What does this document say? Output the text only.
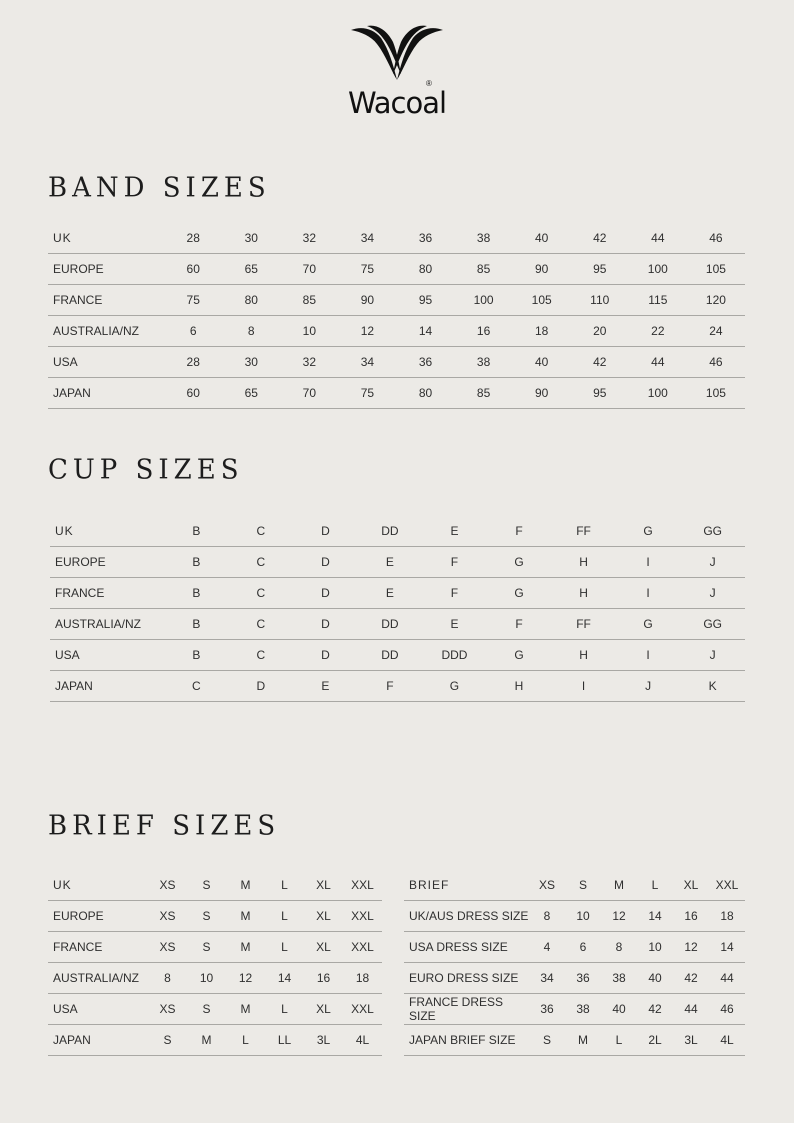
®
Wacoal
BAND SIZES
UK	28	30	32	34	36	38	40	42	44	46
EUROPE	60	65	70	75	80	85	90	95	100	105
FRANCE	75	80	85	90	95	100	105	110	115	120
AUSTRALIA/NZ	6	8	10	12	14	16	18	20	22	24
USA	28	30	32	34	36	38	40	42	44	46
JAPAN	60	65	70	75	80	85	90	95	100	105
CUP SIZES
UK	B	C	D	DD	E	F	FF	G	GG
EUROPE	B	C	D	E	F	G	H	I	J
FRANCE	B	C	D	E	F	G	H	I	J
AUSTRALIA/NZ	B	C	D	DD	E	F	FF	G	GG
USA	B	C	D	DD	DDD	G	H	I	J
JAPAN	C	D	E	F	G	H	I	J	K
BRIEF SIZES
UK	XS	S	M	L	XL	XXL
EUROPE	XS	S	M	L	XL	XXL
FRANCE	XS	S	M	L	XL	XXL
AUSTRALIA/NZ	8	10	12	14	16	18
USA	XS	S	M	L	XL	XXL
JAPAN	S	M	L	LL	3L	4L
BRIEF	XS	S	M	L	XL	XXL
UK/AUS DRESS SIZE	8	10	12	14	16	18
USA DRESS SIZE	4	6	8	10	12	14
EURO DRESS SIZE	34	36	38	40	42	44
FRANCE DRESS SIZE	36	38	40	42	44	46
JAPAN BRIEF SIZE	S	M	L	2L	3L	4L
